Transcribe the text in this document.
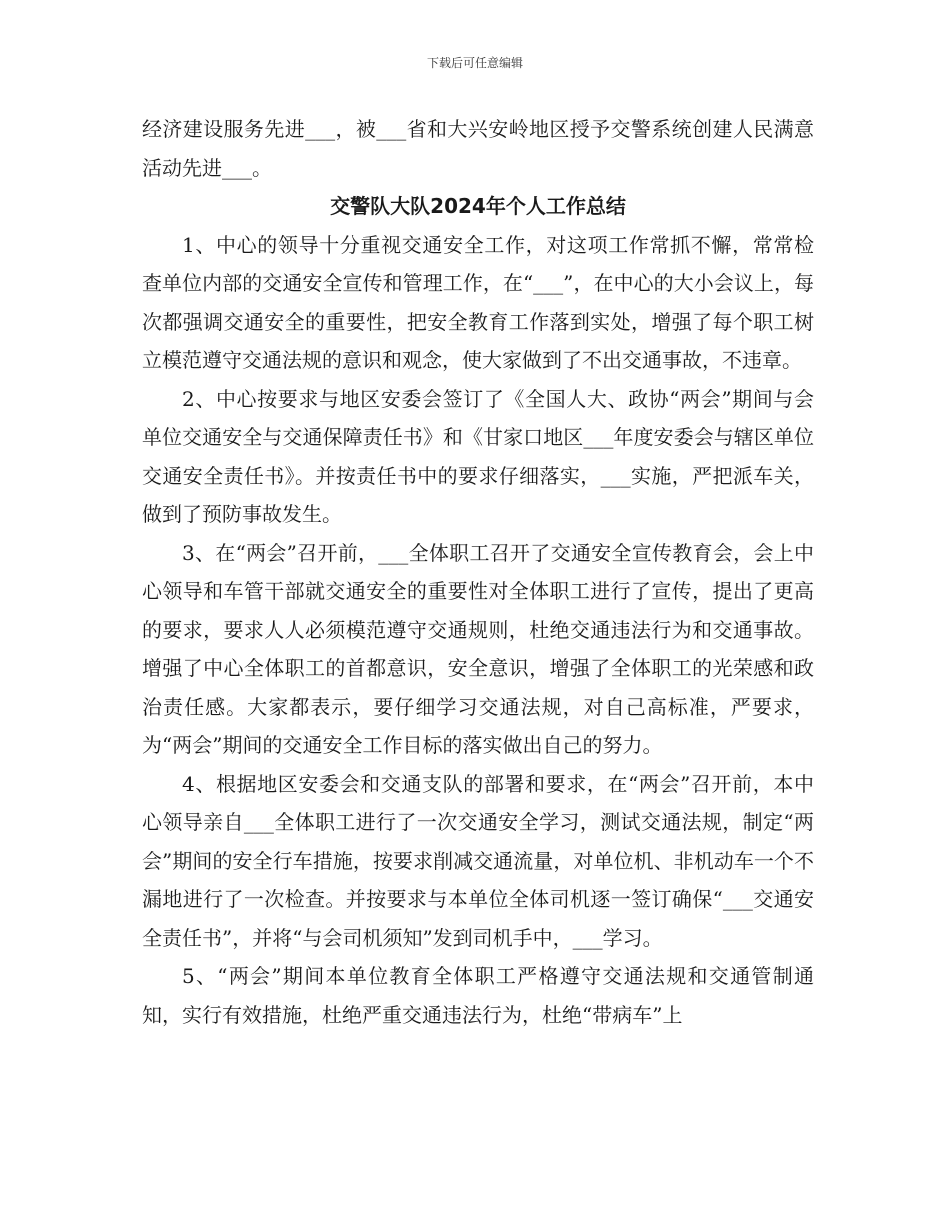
下载后可任意编辑

经济建设服务先进___，被___省和大兴安岭地区授予交警系统创建人民满意活动先进___。

交警队大队2024年个人工作总结

1、中心的领导十分重视交通安全工作，对这项工作常抓不懈，常常检查单位内部的交通安全宣传和管理工作，在“___”，在中心的大小会议上，每次都强调交通安全的重要性，把安全教育工作落到实处，增强了每个职工树立模范遵守交通法规的意识和观念，使大家做到了不出交通事故，不违章。

2、中心按要求与地区安委会签订了《全国人大、政协“两会”期间与会单位交通安全与交通保障责任书》和《甘家口地区___年度安委会与辖区单位交通安全责任书》。并按责任书中的要求仔细落实，___实施，严把派车关，做到了预防事故发生。

3、在“两会”召开前，___全体职工召开了交通安全宣传教育会，会上中心领导和车管干部就交通安全的重要性对全体职工进行了宣传，提出了更高的要求，要求人人必须模范遵守交通规则，杜绝交通违法行为和交通事故。增强了中心全体职工的首都意识，安全意识，增强了全体职工的光荣感和政治责任感。大家都表示，要仔细学习交通法规，对自己高标准，严要求，为“两会”期间的交通安全工作目标的落实做出自己的努力。

4、根据地区安委会和交通支队的部署和要求，在“两会”召开前，本中心领导亲自___全体职工进行了一次交通安全学习，测试交通法规，制定“两会”期间的安全行车措施，按要求削减交通流量，对单位机、非机动车一个不漏地进行了一次检查。并按要求与本单位全体司机逐一签订确保“___交通安全责任书”，并将“与会司机须知”发到司机手中，___学习。

5、“两会”期间本单位教育全体职工严格遵守交通法规和交通管制通知，实行有效措施，杜绝严重交通违法行为，杜绝“带病车”上
